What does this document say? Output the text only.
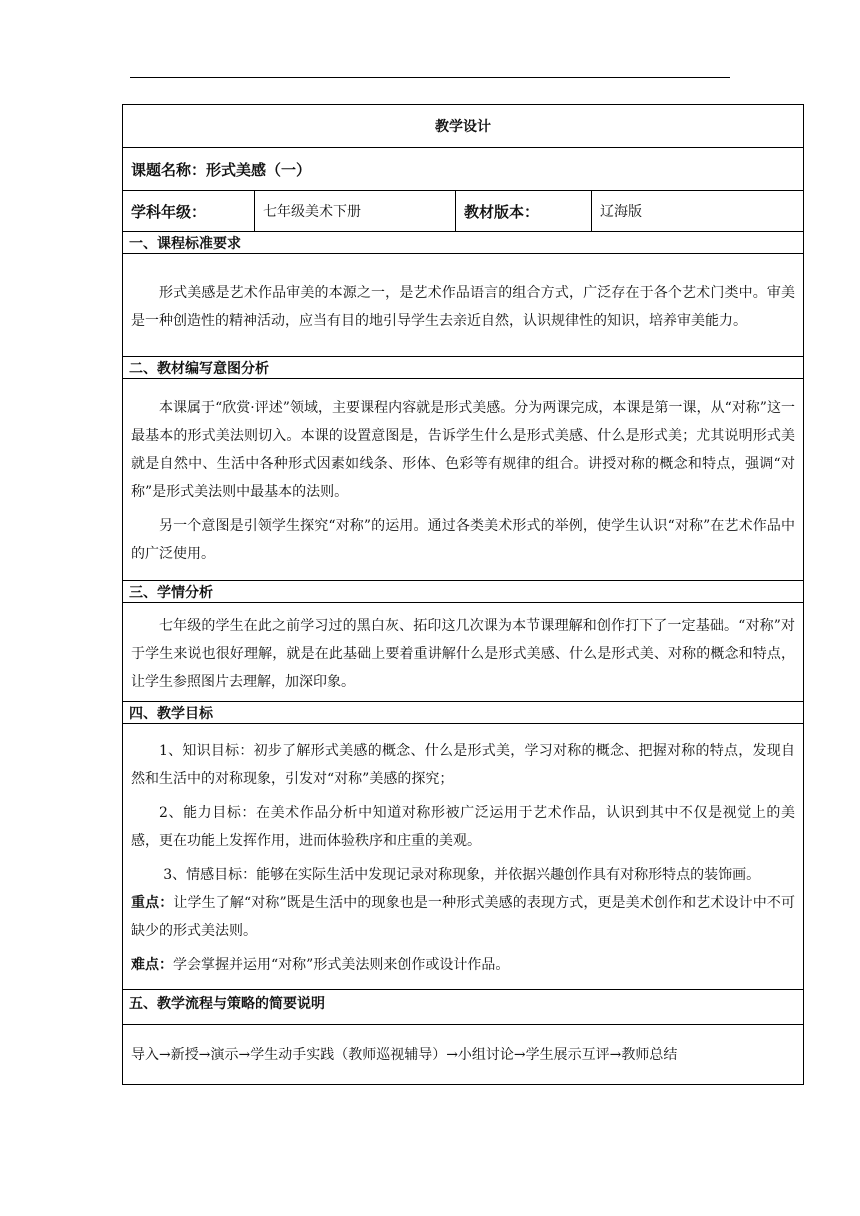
教学设计
课题名称：形式美感（一）
学科年级：	七年级美术下册	教材版本：	辽海版
一、课程标准要求

形式美感是艺术作品审美的本源之一，是艺术作品语言的组合方式，广泛存在于各个艺术门类中。审美是一种创造性的精神活动，应当有目的地引导学生去亲近自然，认识规律性的知识，培养审美能力。

二、教材编写意图分析

本课属于“欣赏·评述”领域，主要课程内容就是形式美感。分为两课完成，本课是第一课，从“对称”这一最基本的形式美法则切入。本课的设置意图是，告诉学生什么是形式美感、什么是形式美；尤其说明形式美就是自然中、生活中各种形式因素如线条、形体、色彩等有规律的组合。讲授对称的概念和特点，强调“对称”是形式美法则中最基本的法则。

另一个意图是引领学生探究“对称”的运用。通过各类美术形式的举例，使学生认识“对称”在艺术作品中的广泛使用。

三、学情分析

七年级的学生在此之前学习过的黑白灰、拓印这几次课为本节课理解和创作打下了一定基础。“对称”对于学生来说也很好理解，就是在此基础上要着重讲解什么是形式美感、什么是形式美、对称的概念和特点，让学生参照图片去理解，加深印象。

四、教学目标

1、知识目标：初步了解形式美感的概念、什么是形式美，学习对称的概念、把握对称的特点，发现自然和生活中的对称现象，引发对“对称”美感的探究；

2、能力目标：在美术作品分析中知道对称形被广泛运用于艺术作品，认识到其中不仅是视觉上的美感，更在功能上发挥作用，进而体验秩序和庄重的美观。

3、情感目标：能够在实际生活中发现记录对称现象，并依据兴趣创作具有对称形特点的装饰画。

重点：让学生了解“对称”既是生活中的现象也是一种形式美感的表现方式，更是美术创作和艺术设计中不可缺少的形式美法则。

难点：学会掌握并运用“对称”形式美法则来创作或设计作品。

五、教学流程与策略的简要说明

导入→新授→演示→学生动手实践（教师巡视辅导）→小组讨论→学生展示互评→教师总结
